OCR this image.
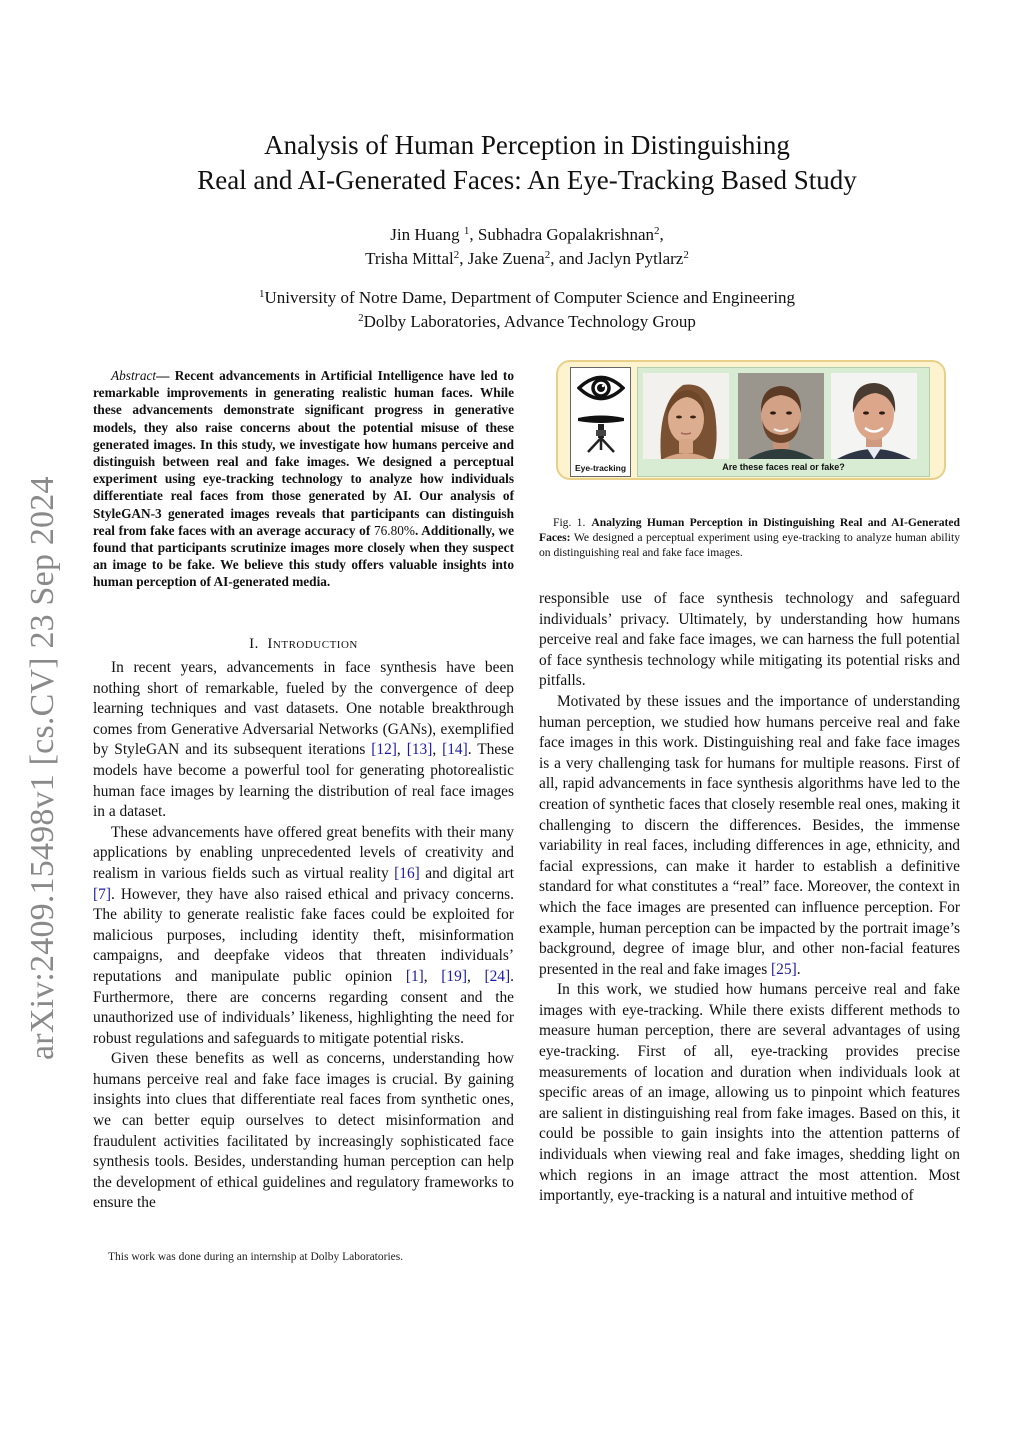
arXiv:2409.15498v1 [cs.CV] 23 Sep 2024
Analysis of Human Perception in Distinguishing
Real and AI-Generated Faces: An Eye-Tracking Based Study
Jin Huang $^1$, Subhadra Gopalakrishnan$^2$,
Trisha Mittal$^2$, Jake Zuena$^2$, and Jaclyn Pytlarz$^2$
$^1$University of Notre Dame, Department of Computer Science and Engineering
$^2$Dolby Laboratories, Advance Technology Group
Abstract— Recent advancements in Artificial Intelligence have led to remarkable improvements in generating realistic human faces. While these advancements demonstrate significant progress in generative models, they also raise concerns about the potential misuse of these generated images. In this study, we investigate how humans perceive and distinguish between real and fake images. We designed a perceptual experiment using eye-tracking technology to analyze how individuals differentiate real faces from those generated by AI. Our analysis of StyleGAN-3 generated images reveals that participants can distinguish real from fake faces with an average accuracy of 76.80%. Additionally, we found that participants scrutinize images more closely when they suspect an image to be fake. We believe this study offers valuable insights into human perception of AI-generated media.
I. Introduction

In recent years, advancements in face synthesis have been nothing short of remarkable, fueled by the convergence of deep learning techniques and vast datasets. One notable breakthrough comes from Generative Adversarial Networks (GANs), exemplified by StyleGAN and its subsequent iterations [12], [13], [14]. These models have become a powerful tool for generating photorealistic human face images by learning the distribution of real face images in a dataset.

These advancements have offered great benefits with their many applications by enabling unprecedented levels of creativity and realism in various fields such as virtual reality [16] and digital art [7]. However, they have also raised ethical and privacy concerns. The ability to generate realistic fake faces could be exploited for malicious purposes, including identity theft, misinformation campaigns, and deepfake videos that threaten individuals’ reputations and manipulate public opinion [1], [19], [24]. Furthermore, there are concerns regarding consent and the unauthorized use of individuals’ likeness, highlighting the need for robust regulations and safeguards to mitigate potential risks.

Given these benefits as well as concerns, understanding how humans perceive real and fake face images is crucial. By gaining insights into clues that differentiate real faces from synthetic ones, we can better equip ourselves to detect misinformation and fraudulent activities facilitated by increasingly sophisticated face synthesis tools. Besides, understanding human perception can help the development of ethical guidelines and regulatory frameworks to ensure the

This work was done during an internship at Dolby Laboratories.
Eye-tracking	Are these faces real or fake?
Fig. 1. Analyzing Human Perception in Distinguishing Real and AI-Generated Faces: We designed a perceptual experiment using eye-tracking to analyze human ability on distinguishing real and fake face images.

responsible use of face synthesis technology and safeguard individuals’ privacy. Ultimately, by understanding how humans perceive real and fake face images, we can harness the full potential of face synthesis technology while mitigating its potential risks and pitfalls.

Motivated by these issues and the importance of understanding human perception, we studied how humans perceive real and fake face images in this work. Distinguishing real and fake face images is a very challenging task for humans for multiple reasons. First of all, rapid advancements in face synthesis algorithms have led to the creation of synthetic faces that closely resemble real ones, making it challenging to discern the differences. Besides, the immense variability in real faces, including differences in age, ethnicity, and facial expressions, can make it harder to establish a definitive standard for what constitutes a “real” face. Moreover, the context in which the face images are presented can influence perception. For example, human perception can be impacted by the portrait image’s background, degree of image blur, and other non-facial features presented in the real and fake images [25].

In this work, we studied how humans perceive real and fake images with eye-tracking. While there exists different methods to measure human perception, there are several advantages of using eye-tracking. First of all, eye-tracking provides precise measurements of location and duration when individuals look at specific areas of an image, allowing us to pinpoint which features are salient in distinguishing real from fake images. Based on this, it could be possible to gain insights into the attention patterns of individuals when viewing real and fake images, shedding light on which regions in an image attract the most attention. Most importantly, eye-tracking is a natural and intuitive method of
